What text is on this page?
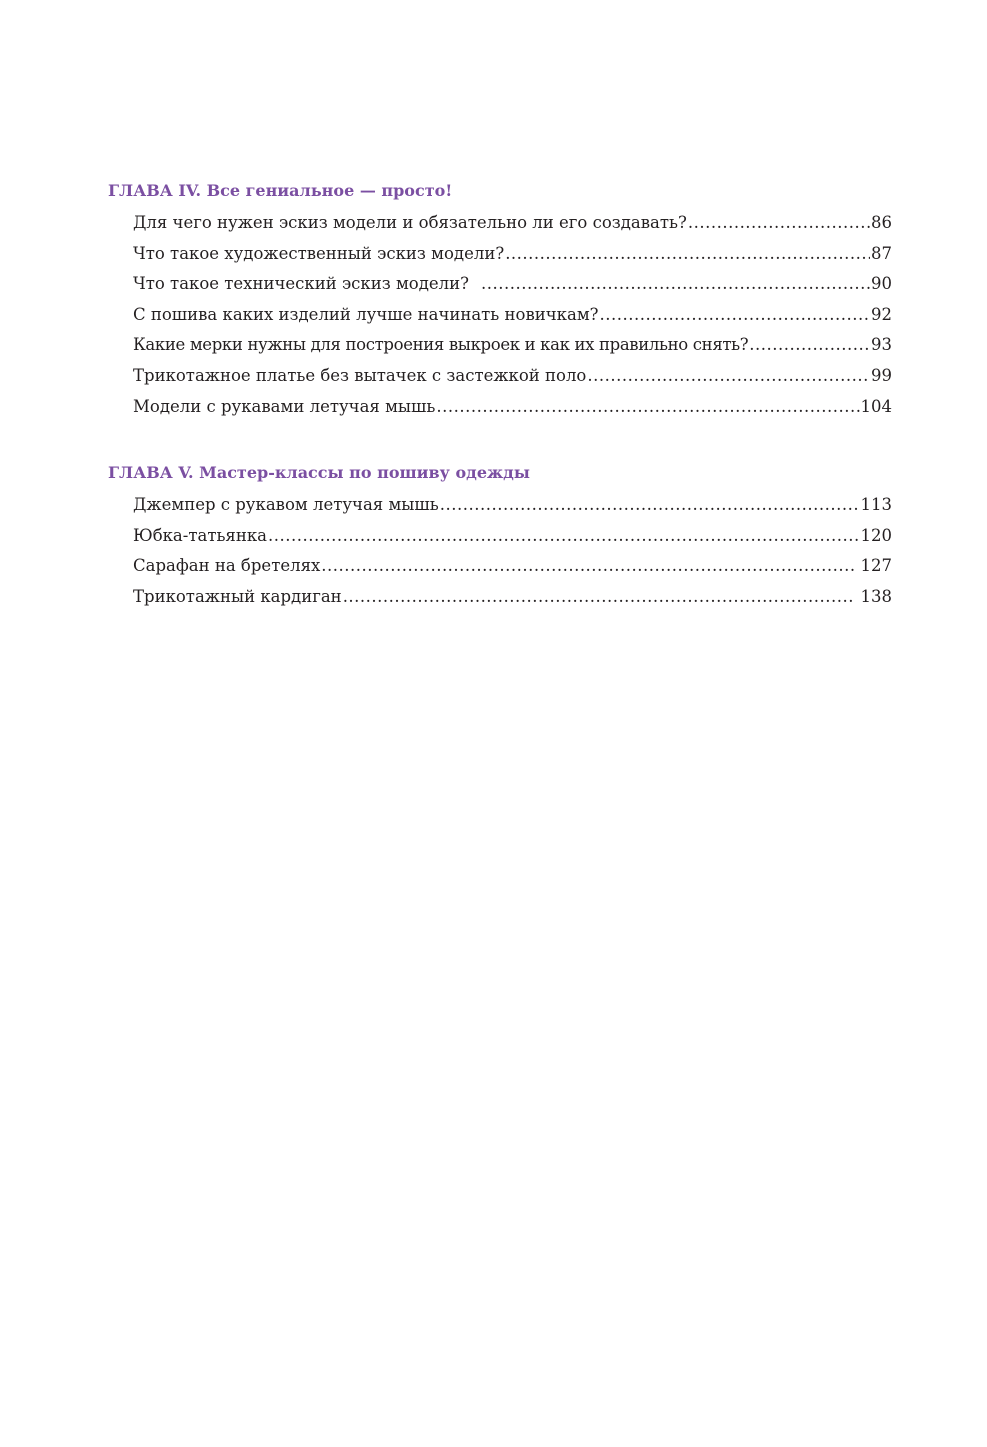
ГЛАВА IV. Все гениальное — просто!
Для чего нужен эскиз модели и обязательно ли его создавать? .....	86
Что такое художественный эскиз модели? .....	87
Что такое технический эскиз модели? .....	90
С пошива каких изделий лучше начинать новичкам? .....	92
Какие мерки нужны для построения выкроек и как их правильно снять? .....	93
Трикотажное платье без вытачек с застежкой поло .....	99
Модели с рукавами летучая мышь .....	104
ГЛАВА V. Мастер-классы по пошиву одежды
Джемпер с рукавом летучая мышь .....	113
Юбка-татьянка .....	120
Сарафан на бретелях .....	127
Трикотажный кардиган .....	138
